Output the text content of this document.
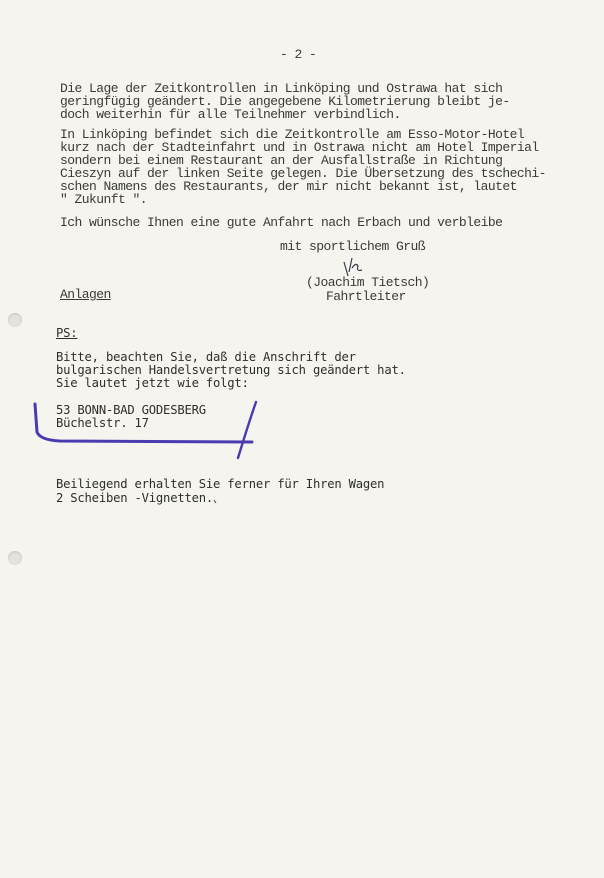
- 2 -
Die Lage der Zeitkontrollen in Linköping und Ostrawa hat sich
geringfügig geändert. Die angegebene Kilometrierung bleibt je-
doch weiterhin für alle Teilnehmer verbindlich.
In Linköping befindet sich die Zeitkontrolle am Esso-Motor-Hotel
kurz nach der Stadteinfahrt und in Ostrawa nicht am Hotel Imperial
sondern bei einem Restaurant an der Ausfallstraße in Richtung
Cieszyn auf der linken Seite gelegen. Die Übersetzung des tschechi-
schen Namens des Restaurants, der mir nicht bekannt ist, lautet
" Zukunft ".
Ich wünsche Ihnen eine gute Anfahrt nach Erbach und verbleibe
mit sportlichem Gruß
(Joachim Tietsch)
Fahrtleiter
Anlagen
PS:
Bitte, beachten Sie, daß die Anschrift der
bulgarischen Handelsvertretung sich geändert hat.
Sie lautet jetzt wie folgt:
53 BONN-BAD GODESBERG
Büchelstr. 17
Beiliegend erhalten Sie ferner für Ihren Wagen
2 Scheiben -Vignetten.
